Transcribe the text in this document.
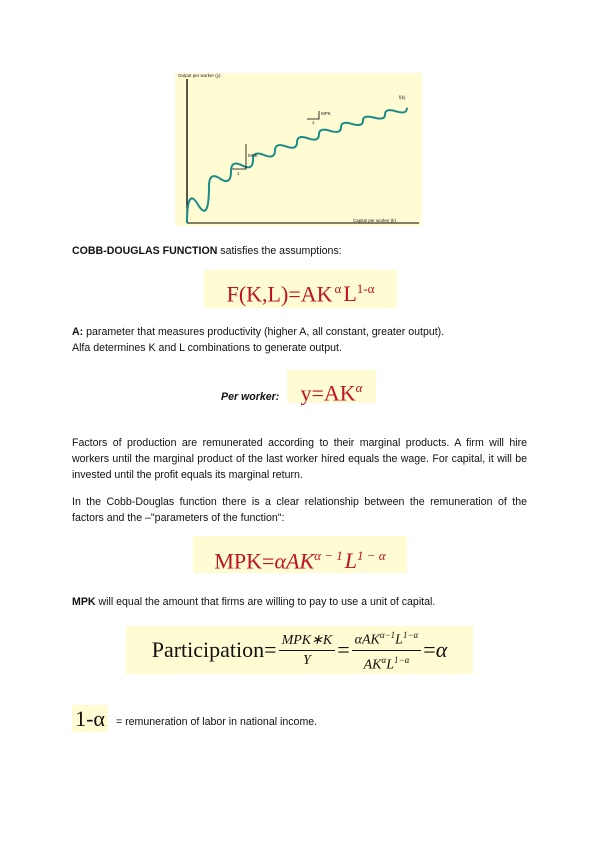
Output per worker (y)
Capital per worker (k)
f(k)
MPK
1
MPK
1
COBB-DOUGLAS FUNCTION satisfies the assumptions:
F(K,L)=AK $^\alpha L^{1-\alpha}$
A: parameter that measures productivity (higher A, all constant, greater output).
Alfa determines K and L combinations to generate output.
Per worker: $y=AK^\alpha$
Factors of production are remunerated according to their marginal products. A firm will hire workers until the marginal product of the last worker hired equals the wage. For capital, it will be invested until the profit equals its marginal return.
In the Cobb-Douglas function there is a clear relationship between the remuneration of the factors and the –"parameters of the function":
$MPK=\alpha AK^{\alpha - 1}L^{1 - \alpha}$
MPK will equal the amount that firms are willing to pay to use a unit of capital.
Participation = $\frac{\text{MPK∗K}}{Y} = \frac{\alpha AK^{\alpha-1}L^{1-\alpha}}{AK^\alpha L^{1-\alpha}} = \alpha$
1-α = remuneration of labor in national income.
